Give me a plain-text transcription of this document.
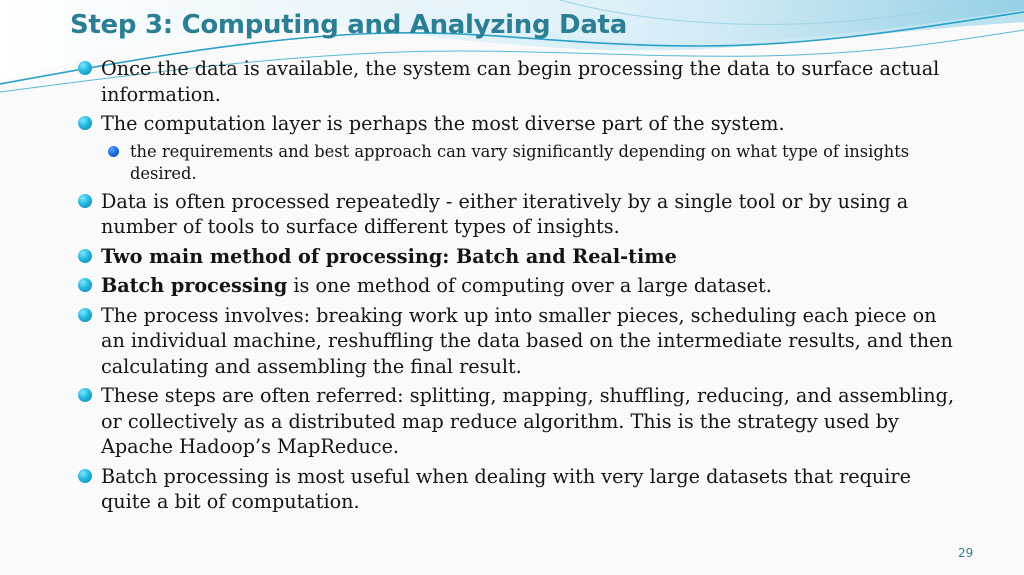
Step 3: Computing and Analyzing Data
Once the data is available, the system can begin processing the data to surface actual information.
The computation layer is perhaps the most diverse part of the system.
the requirements and best approach can vary significantly depending on what type of insights desired.
Data is often processed repeatedly - either iteratively by a single tool or by using a number of tools to surface different types of insights.
Two main method of processing: Batch and Real-time
Batch processing is one method of computing over a large dataset.
The process involves: breaking work up into smaller pieces, scheduling each piece on an individual machine, reshuffling the data based on the intermediate results, and then calculating and assembling the final result.
These steps are often referred: splitting, mapping, shuffling, reducing, and assembling, or collectively as a distributed map reduce algorithm. This is the strategy used by Apache Hadoop’s MapReduce.
Batch processing is most useful when dealing with very large datasets that require quite a bit of computation.
29
